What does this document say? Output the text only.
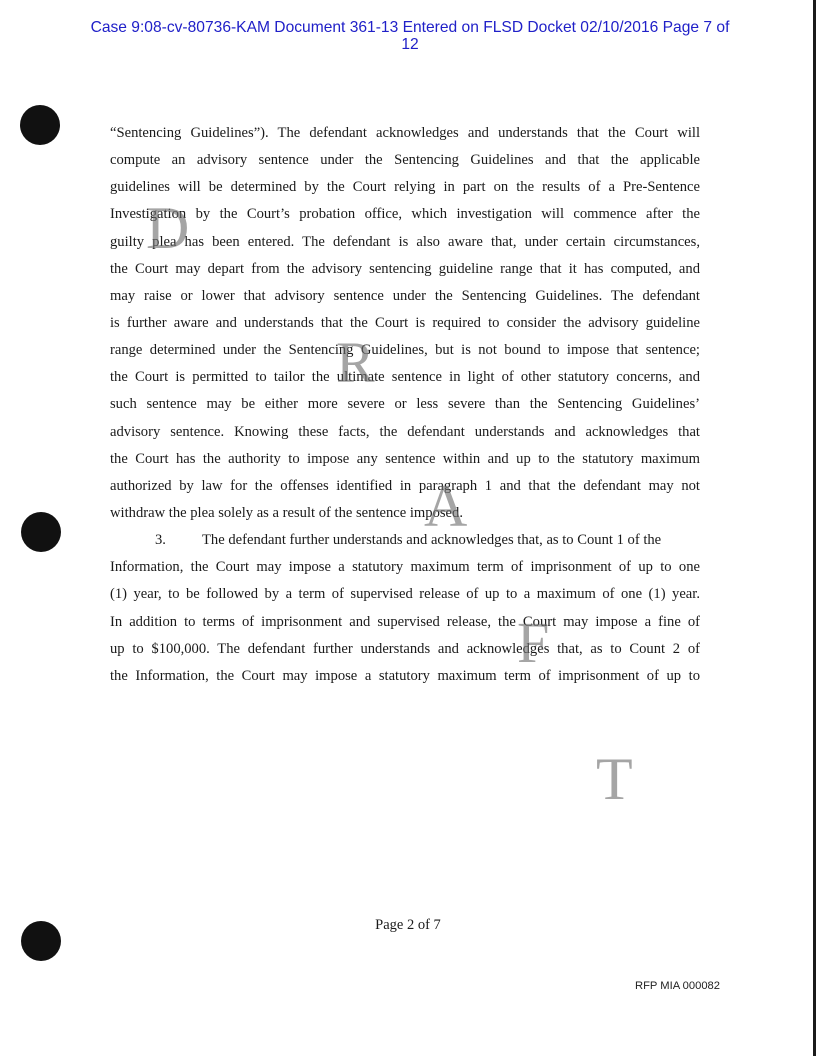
Case 9:08-cv-80736-KAM Document 361-13 Entered on FLSD Docket 02/10/2016 Page 7 of
12
“Sentencing Guidelines”). The defendant acknowledges and understands that the Court will
compute an advisory sentence under the Sentencing Guidelines and that the applicable
guidelines will be determined by the Court relying in part on the results of a Pre-Sentence
Investigation by the Court’s probation office, which investigation will commence after the
guilty plea has been entered. The defendant is also aware that, under certain circumstances,
the Court may depart from the advisory sentencing guideline range that it has computed, and
may raise or lower that advisory sentence under the Sentencing Guidelines. The defendant
is further aware and understands that the Court is required to consider the advisory guideline
range determined under the Sentencing Guidelines, but is not bound to impose that sentence;
the Court is permitted to tailor the ultimate sentence in light of other statutory concerns, and
such sentence may be either more severe or less severe than the Sentencing Guidelines’
advisory sentence. Knowing these facts, the defendant understands and acknowledges that
the Court has the authority to impose any sentence within and up to the statutory maximum
authorized by law for the offenses identified in paragraph 1 and that the defendant may not
withdraw the plea solely as a result of the sentence imposed.
3. The defendant further understands and acknowledges that, as to Count 1 of the
Information, the Court may impose a statutory maximum term of imprisonment of up to one
(1) year, to be followed by a term of supervised release of up to a maximum of one (1) year.
In addition to terms of imprisonment and supervised release, the Court may impose a fine of
up to $100,000. The defendant further understands and acknowledges that, as to Count 2 of
the Information, the Court may impose a statutory maximum term of imprisonment of up to
D
R
A
F
T
Page 2 of 7
RFP MIA 000082
